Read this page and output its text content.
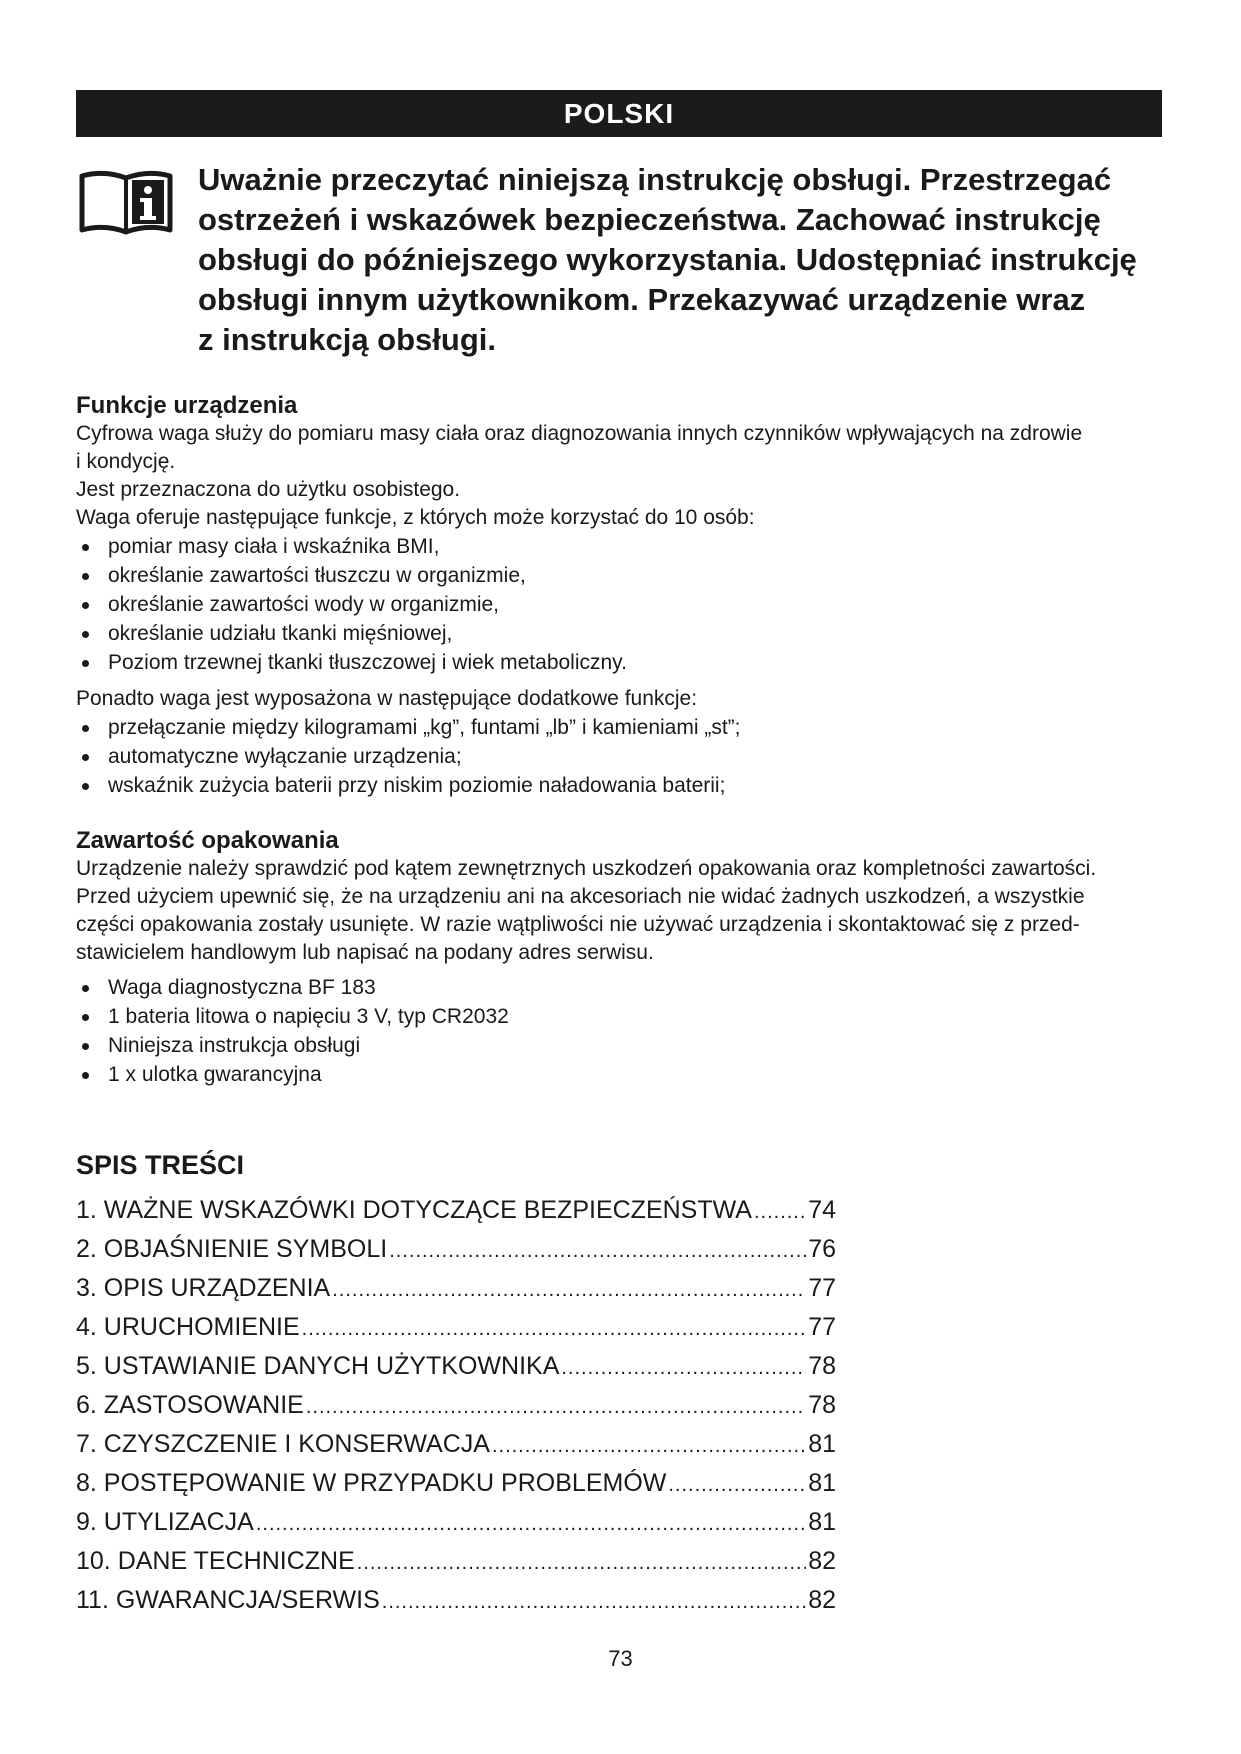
POLSKI
Uważnie przeczytać niniejszą instrukcję obsługi. Przestrzegać
ostrzeżeń i wskazówek bezpieczeństwa. Zachować instrukcję
obsługi do późniejszego wykorzystania. Udostępniać instrukcję
obsługi innym użytkownikom. Przekazywać urządzenie wraz
z instrukcją obsługi.
Funkcje urządzenia

Cyfrowa waga służy do pomiaru masy ciała oraz diagnozowania innych czynników wpływających na zdrowie

i kondycję.

Jest przeznaczona do użytku osobistego.

Waga oferuje następujące funkcje, z których może korzystać do 10 osób:

pomiar masy ciała i wskaźnika BMI,
określanie zawartości tłuszczu w organizmie,
określanie zawartości wody w organizmie,
określanie udziału tkanki mięśniowej,
Poziom trzewnej tkanki tłuszczowej i wiek metaboliczny.

Ponadto waga jest wyposażona w następujące dodatkowe funkcje:

przełączanie między kilogramami „kg”, funtami „lb” i kamieniami „st”;
automatyczne wyłączanie urządzenia;
wskaźnik zużycia baterii przy niskim poziomie naładowania baterii;
Zawartość opakowania

Urządzenie należy sprawdzić pod kątem zewnętrznych uszkodzeń opakowania oraz kompletności zawartości.

Przed użyciem upewnić się, że na urządzeniu ani na akcesoriach nie widać żadnych uszkodzeń, a wszystkie

części opakowania zostały usunięte. W razie wątpliwości nie używać urządzenia i skontaktować się z przed-

stawicielem handlowym lub napisać na podany adres serwisu.

Waga diagnostyczna BF 183
1 bateria litowa o napięciu 3 V, typ CR2032
Niniejsza instrukcja obsługi
1 x ulotka gwarancyjna
SPIS TREŚCI
1. WAŻNE WSKAZÓWKI DOTYCZĄCE BEZPIECZEŃSTWA ..... 74
2. OBJAŚNIENIE SYMBOLI .....	76
3. OPIS URZĄDZENIA .....	77
4. URUCHOMIENIE .....	77
5. USTAWIANIE DANYCH UŻYTKOWNIKA .....	78
6. ZASTOSOWANIE .....	78
7. CZYSZCZENIE I KONSERWACJA .....	81
8. POSTĘPOWANIE W PRZYPADKU PROBLEMÓW .....	81
9. UTYLIZACJA .....	81
10. DANE TECHNICZNE .....	82
11. GWARANCJA/SERWIS .....	82
73
